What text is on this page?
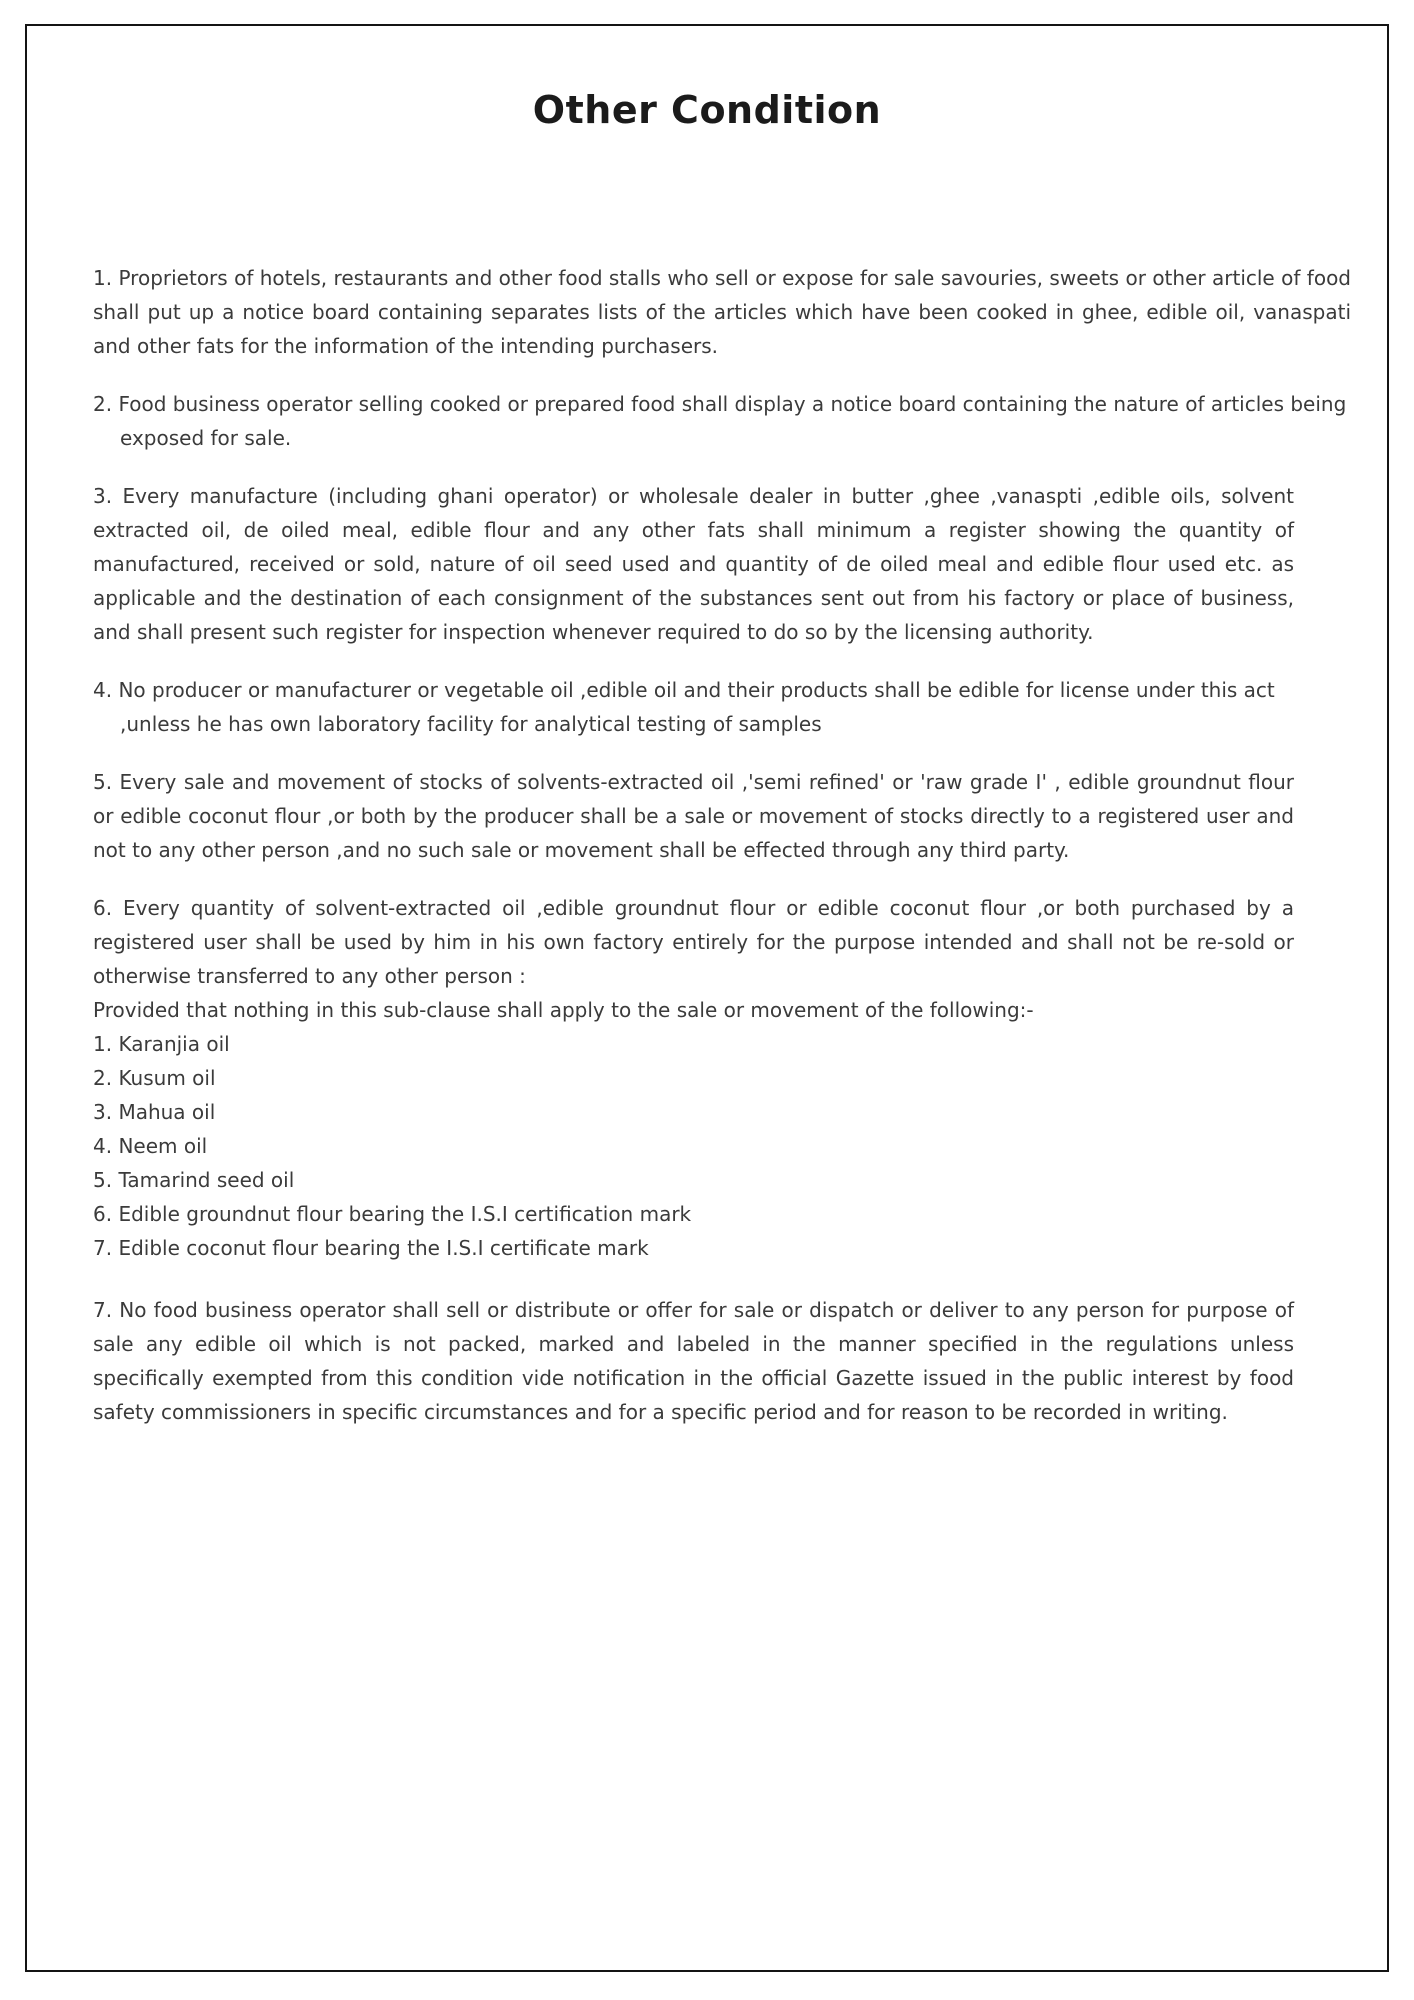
Other Condition
1. Proprietors of hotels, restaurants and other food stalls who sell or expose for sale savouries, sweets or other article of food shall put up a notice board containing separates lists of the articles which have been cooked in ghee, edible oil, vanaspati and other fats for the information of the intending purchasers.
2. Food business operator selling cooked or prepared food shall display a notice board containing the nature of articles being exposed for sale.
3. Every manufacture (including ghani operator) or wholesale dealer in butter ,ghee ,vanaspti ,edible oils, solvent extracted oil, de oiled meal, edible flour and any other fats shall minimum a register showing the quantity of manufactured, received or sold, nature of oil seed used and quantity of de oiled meal and edible flour used etc. as applicable and the destination of each consignment of the substances sent out from his factory or place of business, and shall present such register for inspection whenever required to do so by the licensing authority.
4. No producer or manufacturer or vegetable oil ,edible oil and their products shall be edible for license under this act ,unless he has own laboratory facility for analytical testing of samples
5. Every sale and movement of stocks of solvents-extracted oil ,'semi refined' or 'raw grade I' , edible groundnut flour or edible coconut flour ,or both by the producer shall be a sale or movement of stocks directly to a registered user and not to any other person ,and no such sale or movement shall be effected through any third party.
6. Every quantity of solvent-extracted oil ,edible groundnut flour or edible coconut flour ,or both purchased by a registered user shall be used by him in his own factory entirely for the purpose intended and shall not be re-sold or otherwise transferred to any other person :
Provided that nothing in this sub-clause shall apply to the sale or movement of the following:-
1. Karanjia oil
2. Kusum oil
3. Mahua oil
4. Neem oil
5. Tamarind seed oil
6. Edible groundnut flour bearing the I.S.I certification mark
7. Edible coconut flour bearing the I.S.I certificate mark
7. No food business operator shall sell or distribute or offer for sale or dispatch or deliver to any person for purpose of sale any edible oil which is not packed, marked and labeled in the manner specified in the regulations unless specifically exempted from this condition vide notification in the official Gazette issued in the public interest by food safety commissioners in specific circumstances and for a specific period and for reason to be recorded in writing.
